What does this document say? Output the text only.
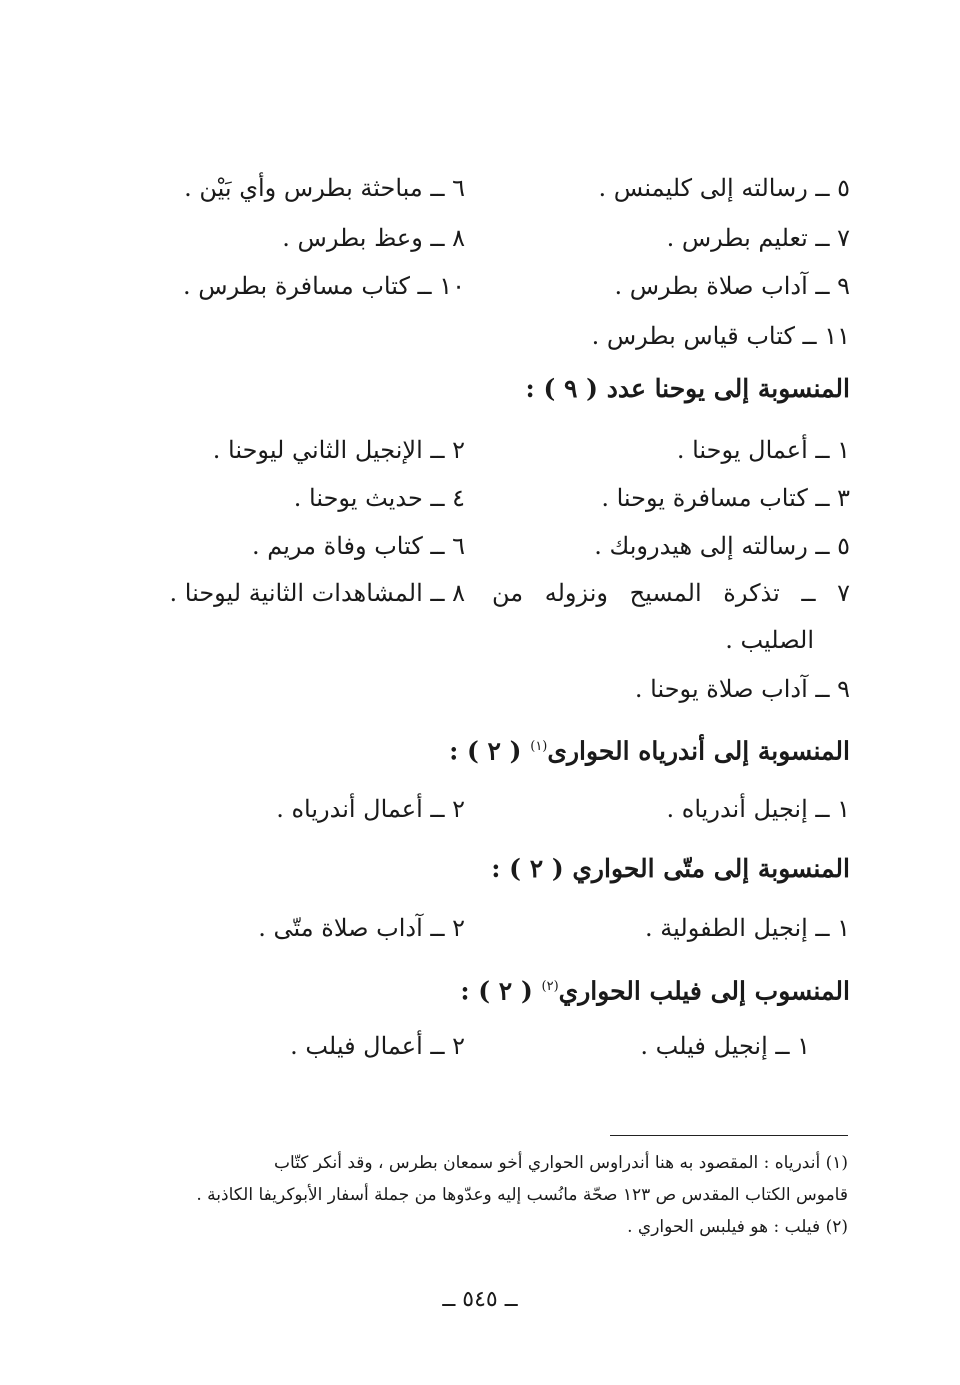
٥ ــ رسالته إلى كليمنس .
٦ ــ مباحثة بطرس وأي بَيْن .
٧ ــ تعليم بطرس .
٨ ــ وعظ بطرس .
٩ ــ آداب صلاة بطرس .
١٠ ــ كتاب مسافرة بطرس .
١١ ــ كتاب قياس بطرس .
المنسوبة إلى يوحنا عدد ( ٩ ) :
١ ــ أعمال يوحنا .
٢ ــ الإنجيل الثاني ليوحنا .
٣ ــ كتاب مسافرة يوحنا .
٤ ــ حديث يوحنا .
٥ ــ رسالته إلى هيدروبك .
٦ ــ كتاب وفاة مريم .
٧ ــ تذكرة المسيح ونزوله من
٨ ــ المشاهدات الثانية ليوحنا .
الصليب .
٩ ــ آداب صلاة يوحنا .
المنسوبة إلى أندرياه الحوارى$^{(١)}$ ( ٢ ) :
١ ــ إنجيل أندرياه .
٢ ــ أعمال أندرياه .
المنسوبة إلى متّى الحواري ( ٢ ) :
١ ــ إنجيل الطفولية .
٢ ــ آداب صلاة متّى .
المنسوب إلى فيلب الحواري$^{(٢)}$ ( ٢ ) :
١ ــ إنجيل فيلب .
٢ ــ أعمال فيلب .
(١) أندرياه : المقصود به هنا أندراوس الحواري أخو سمعان بطرس ، وقد أنكر كتّاب
قاموس الكتاب المقدس ص ١٢٣ صحّة مانُسب إليه وعدّوها من جملة أسفار الأبوكريفا الكاذبة .
(٢) فيلب : هو فيلبس الحواري .
ــ ٥٤٥ ــ
